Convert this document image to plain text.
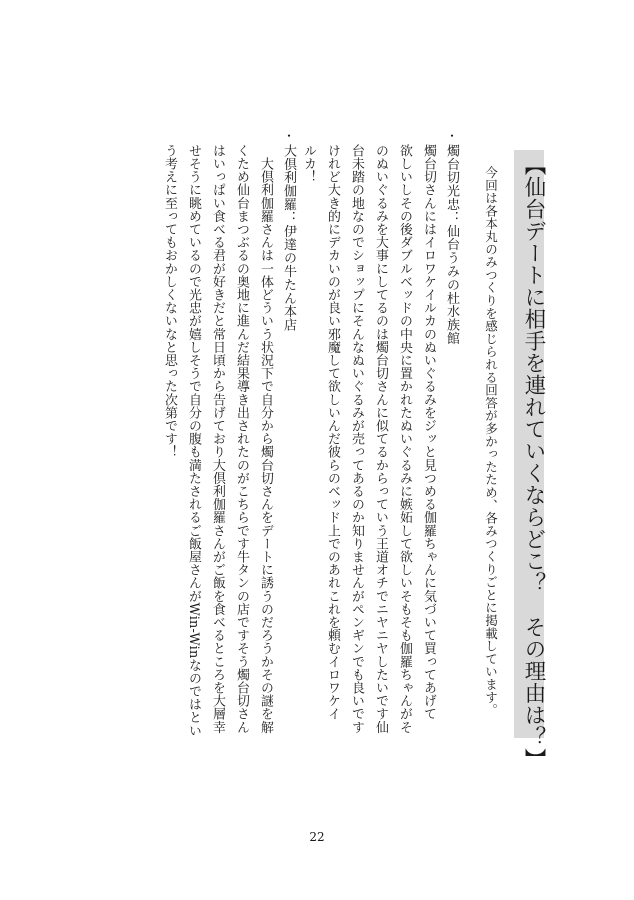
【仙台デートに相手を連れていくならどこ？　その理由は？】
今回は各本丸のみつくりを感じられる回答が多かったため、各みつくりごとに掲載しています。
・
燭台切光忠：仙台うみの杜水族館
燭台切さんにはイロワケイルカのぬいぐるみをジッと見つめる伽羅ちゃんに気づいて買ってあげて
欲しいしその後ダブルベッドの中央に置かれたぬいぐるみに嫉妬して欲しいそもそも伽羅ちゃんがそ
のぬいぐるみを大事にしてるのは燭台切さんに似てるからっていう王道オチでニヤニヤしたいです仙
台未踏の地なのでショップにそんなぬいぐるみが売ってあるのか知りませんがペンギンでも良いです
けれど大き的にデカいのが良い邪魔して欲しいんだ彼らのベッド上でのあれこれを頼むイロワケイ
ルカ！
・
大倶利伽羅：伊達の牛たん本店
　大倶利伽羅さんは一体どういう状況下で自分から燭台切さんをデートに誘うのだろうかその謎を解
くため仙台まつぶるの奥地に進んだ結果導き出されたのがこちらです牛タンの店ですそう燭台切さん
はいっぱい食べる君が好きだと常日頃から告げており大倶利伽羅さんがご飯を食べるところを大層幸
せそうに眺めているので光忠が嬉しそうで自分の腹も満たされるご飯屋さんがWin-Winなのではとい
う考えに至ってもおかしくないなと思った次第です！
22
